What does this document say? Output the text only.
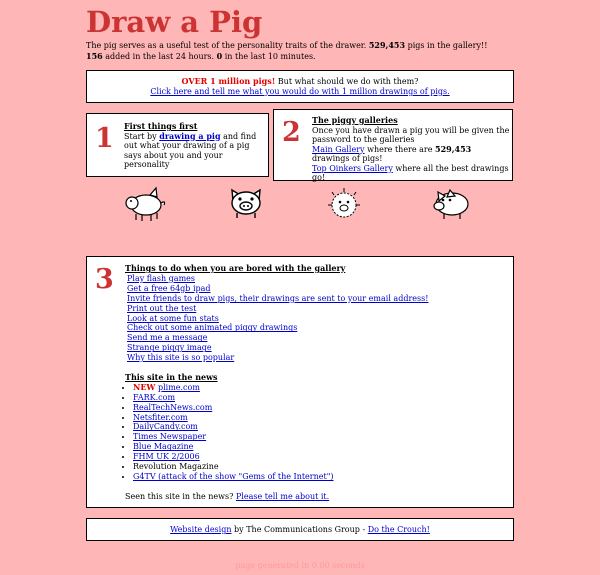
Draw a Pig
The pig serves as a useful test of the personality traits of the drawer. 529,453 pigs in the gallery!!
156 added in the last 24 hours. 0 in the last 10 minutes.
OVER 1 million pigs! But what should we do with them?
Click here and tell me what you would do with 1 million drawings of pigs.
1 First things first
Start by drawing a pig and find out what your drawing of a pig says about you and your personality
2 The piggy galleries
Once you have drawn a pig you will be given the password to the galleries
Main Gallery where there are 529,453 drawings of pigs!
Top Oinkers Gallery where all the best drawings go!
3 Things to do when you are bored with the gallery
Play flash games
Get a free 64gb ipad
Invite friends to draw pigs, their drawings are sent to your email address!
Print out the test
Look at some fun stats
Check out some animated piggy drawings
Send me a message
Strange piggy image
Why this site is so popular
This site in the news
• NEW plime.com
• FARK.com
• RealTechNews.com
• Netsfiter.com
• DailyCandy.com
• Times Newspaper
• Blue Magazine
• FHM UK 2/2006
• Revolution Magazine
• G4TV (attack of the show "Gems of the Internet")
Seen this site in the news? Please tell me about it.
Website design by The Communications Group - Do the Crouch!
page generated in 0.00 seconds
